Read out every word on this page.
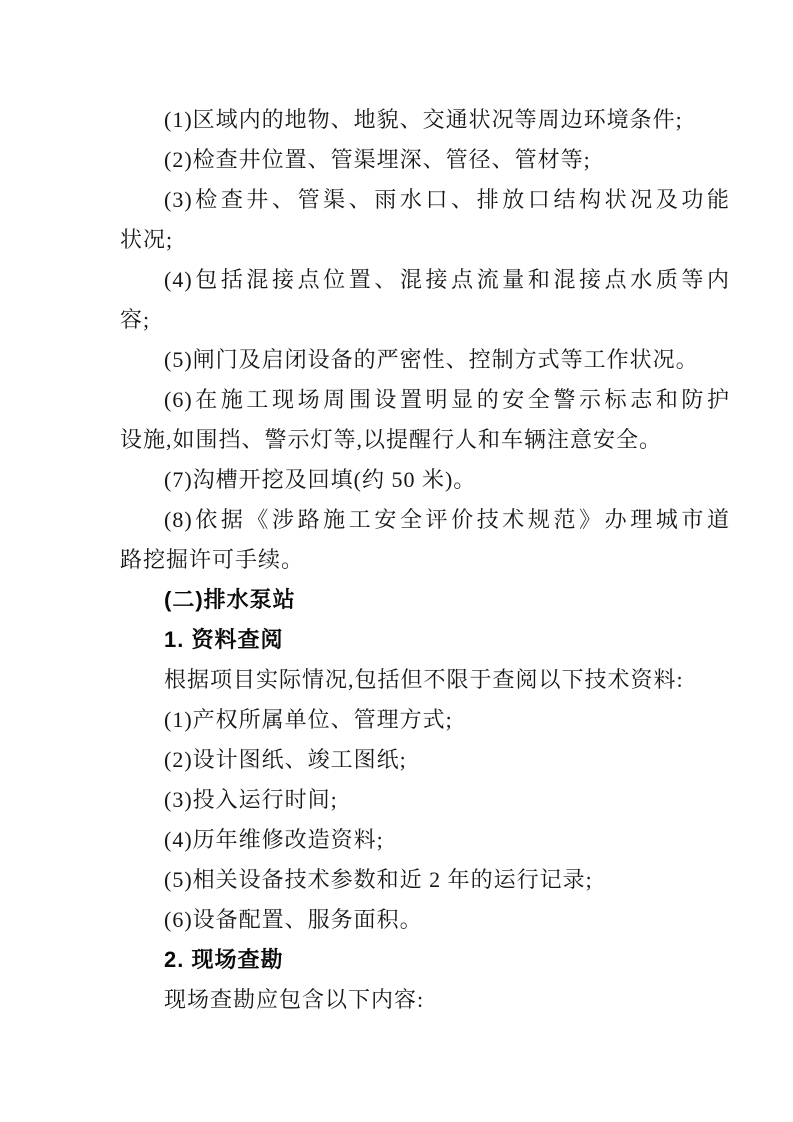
(1)区域内的地物、地貌、交通状况等周边环境条件;
(2)检查井位置、管渠埋深、管径、管材等;
(3)检查井、管渠、雨水口、排放口结构状况及功能
状况;
(4)包括混接点位置、混接点流量和混接点水质等内
容;
(5)闸门及启闭设备的严密性、控制方式等工作状况。
(6)在施工现场周围设置明显的安全警示标志和防护
设施,如围挡、警示灯等,以提醒行人和车辆注意安全。
(7)沟槽开挖及回填(约 50 米)。
(8)依据《涉路施工安全评价技术规范》办理城市道
路挖掘许可手续。
(二)排水泵站
1. 资料查阅
根据项目实际情况,包括但不限于查阅以下技术资料:
(1)产权所属单位、管理方式;
(2)设计图纸、竣工图纸;
(3)投入运行时间;
(4)历年维修改造资料;
(5)相关设备技术参数和近 2 年的运行记录;
(6)设备配置、服务面积。
2. 现场查勘
现场查勘应包含以下内容:
